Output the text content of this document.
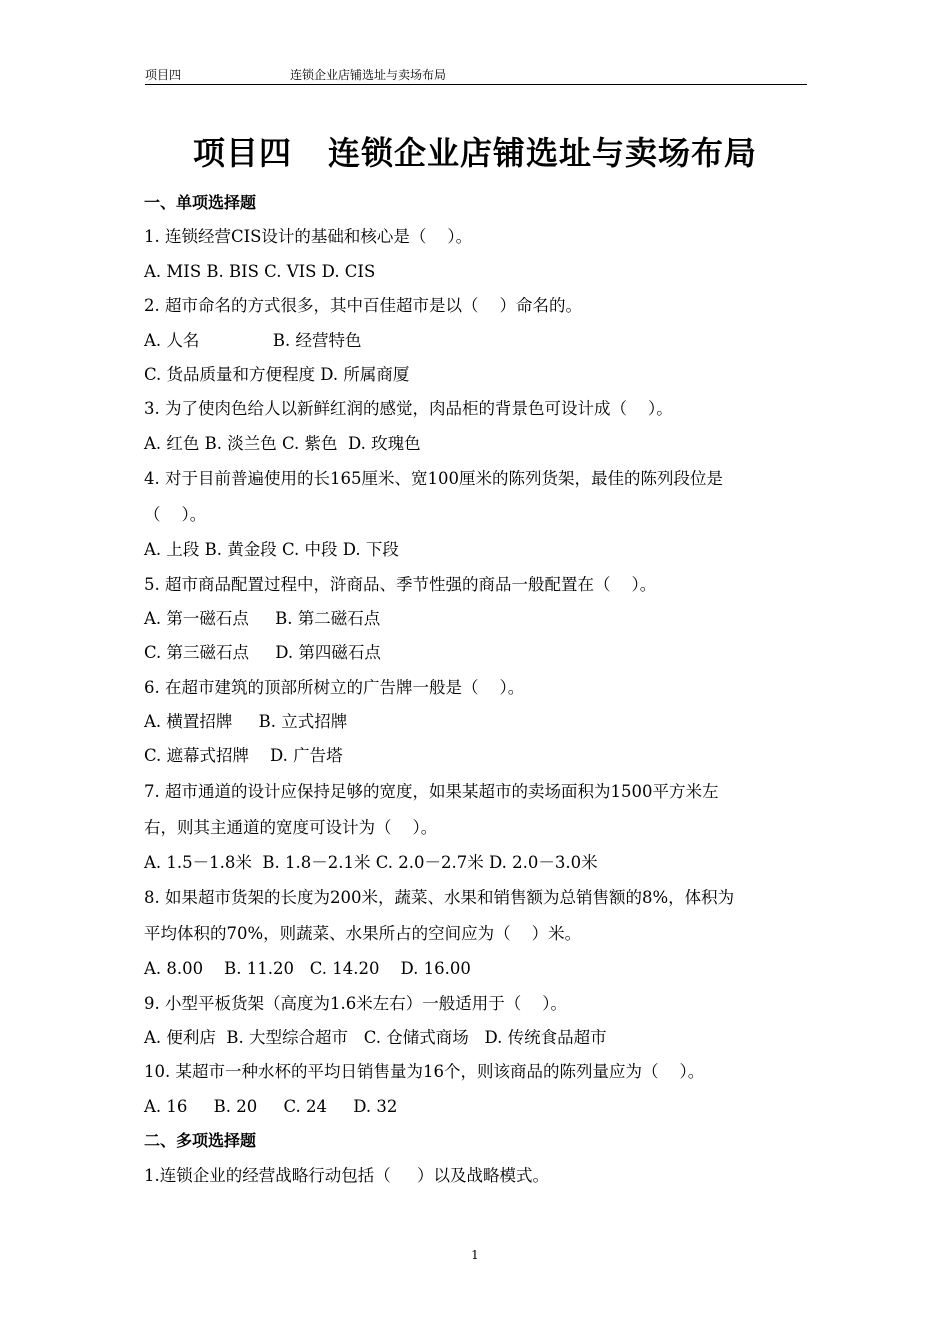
项目四	连锁企业店铺选址与卖场布局
项目四 连锁企业店铺选址与卖场布局
一、单项选择题
1. 连锁经营CIS设计的基础和核心是（    ）。
A. MIS B. BIS C. VIS D. CIS
2. 超市命名的方式很多，其中百佳超市是以（    ）命名的。
A. 人名              B. 经营特色
C. 货品质量和方便程度 D. 所属商厦
3. 为了使肉色给人以新鲜红润的感觉，肉品柜的背景色可设计成（    ）。
A. 红色 B. 淡兰色 C. 紫色  D. 玫瑰色
4. 对于目前普遍使用的长165厘米、宽100厘米的陈列货架，最佳的陈列段位是
（    ）。
A. 上段 B. 黄金段 C. 中段 D. 下段
5. 超市商品配置过程中，浒商品、季节性强的商品一般配置在（    ）。
A. 第一磁石点     B. 第二磁石点
C. 第三磁石点     D. 第四磁石点
6. 在超市建筑的顶部所树立的广告牌一般是（    ）。
A. 横置招牌     B. 立式招牌
C. 遮幕式招牌    D. 广告塔
7. 超市通道的设计应保持足够的宽度，如果某超市的卖场面积为1500平方米左
右，则其主通道的宽度可设计为（    ）。
A. 1.5－1.8米  B. 1.8－2.1米 C. 2.0－2.7米 D. 2.0－3.0米
8. 如果超市货架的长度为200米，蔬菜、水果和销售额为总销售额的8%，体积为
平均体积的70%，则蔬菜、水果所占的空间应为（    ）米。
A. 8.00    B. 11.20   C. 14.20    D. 16.00
9. 小型平板货架（高度为1.6米左右）一般适用于（    ）。
A. 便利店  B. 大型综合超市   C. 仓储式商场   D. 传统食品超市
10. 某超市一种水杯的平均日销售量为16个，则该商品的陈列量应为（    ）。
A. 16     B. 20     C. 24     D. 32
二、多项选择题
1.连锁企业的经营战略行动包括（     ）以及战略模式。
1
